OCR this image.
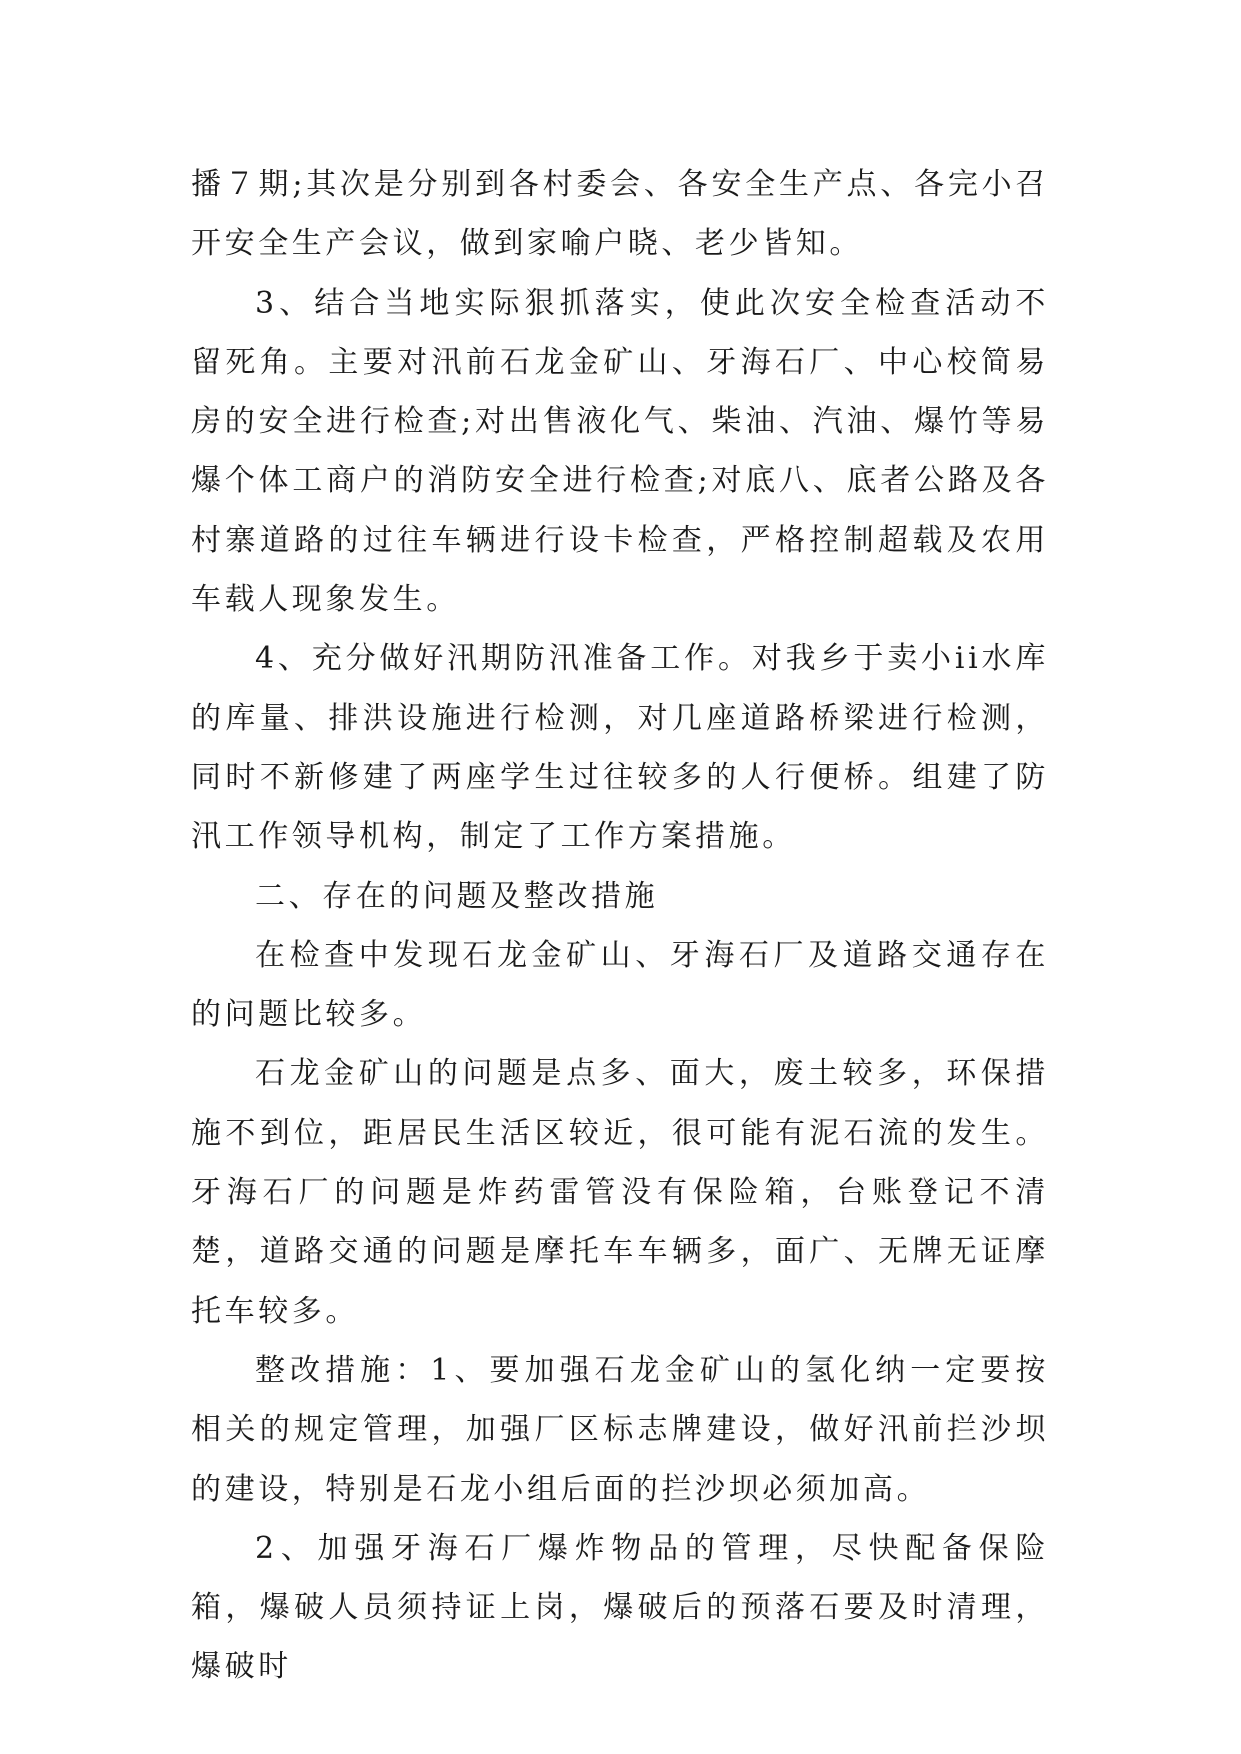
播７期;其次是分别到各村委会、各安全生产点、各完小召开安全生产会议，做到家喻户晓、老少皆知。

3、结合当地实际狠抓落实，使此次安全检查活动不留死角。主要对汛前石龙金矿山、牙海石厂、中心校简易房的安全进行检查;对出售液化气、柴油、汽油、爆竹等易爆个体工商户的消防安全进行检查;对底八、底者公路及各村寨道路的过往车辆进行设卡检查，严格控制超载及农用车载人现象发生。

4、充分做好汛期防汛准备工作。对我乡于卖小ii水库的库量、排洪设施进行检测，对几座道路桥梁进行检测，同时不新修建了两座学生过往较多的人行便桥。组建了防汛工作领导机构，制定了工作方案措施。

二、存在的问题及整改措施

在检查中发现石龙金矿山、牙海石厂及道路交通存在的问题比较多。

石龙金矿山的问题是点多、面大，废土较多，环保措施不到位，距居民生活区较近，很可能有泥石流的发生。牙海石厂的问题是炸药雷管没有保险箱，台账登记不清楚，道路交通的问题是摩托车车辆多，面广、无牌无证摩托车较多。

整改措施：1、要加强石龙金矿山的氢化纳一定要按相关的规定管理，加强厂区标志牌建设，做好汛前拦沙坝的建设，特别是石龙小组后面的拦沙坝必须加高。

2、加强牙海石厂爆炸物品的管理，尽快配备保险箱，爆破人员须持证上岗，爆破后的预落石要及时清理，爆破时
